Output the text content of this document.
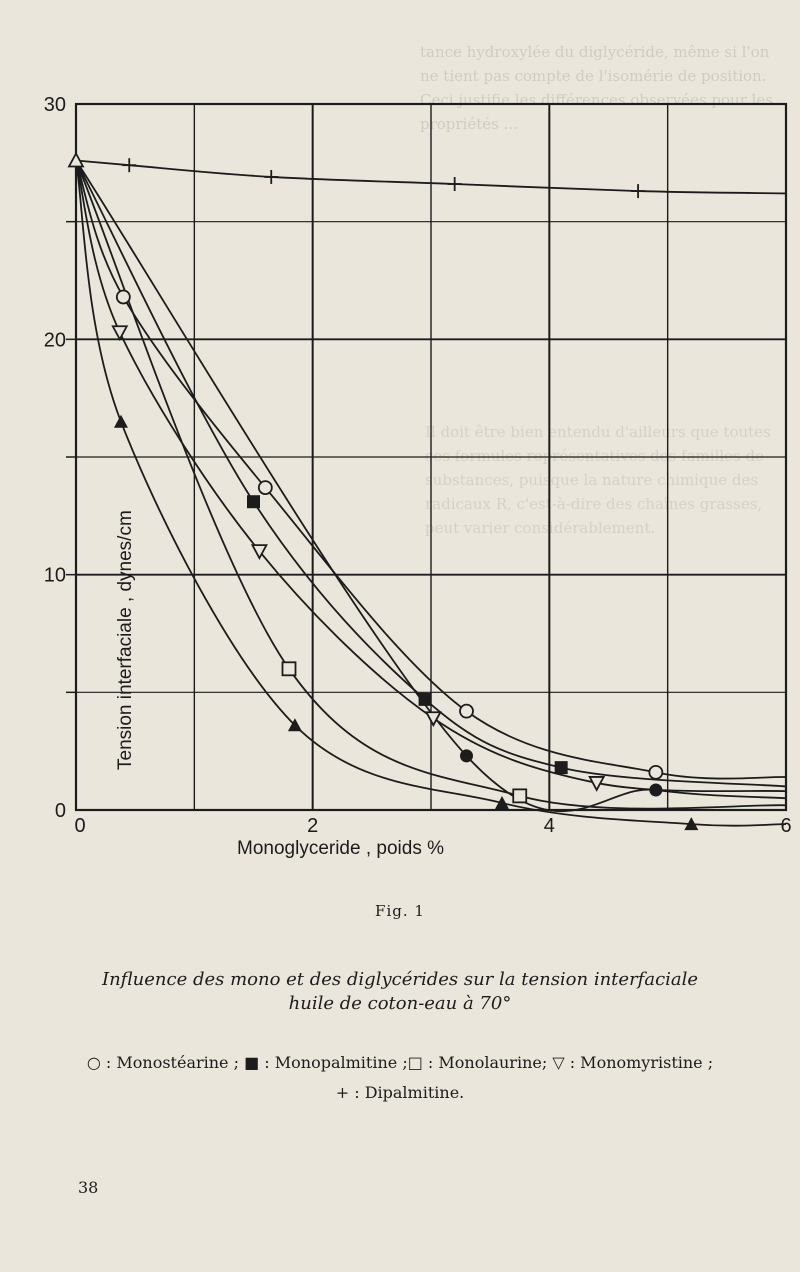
tance hydroxylée du diglycéride, même si l'on ne tient pas compte de l'isomérie de position. Ceci justifie les différences observées pour les propriétés ...
Il doit être bien entendu d'ailleurs que toutes ces formules représentatives des familles de substances, puisque la nature chimique des radicaux R, c'est-à-dire des chaînes grasses, peut varier considérablement.
0	2	4	6
0
10
20
30
Monoglyceride , poids %
Tension interfaciale , dynes/cm
Fig. 1
Influence des mono et des diglycérides sur la tension interfaciale
huile de coton-eau à 70°
○ : Monostéarine ; ■ : Monopalmitine ;□ : Monolaurine; ▽ : Monomyristine ;
+ : Dipalmitine.
38
